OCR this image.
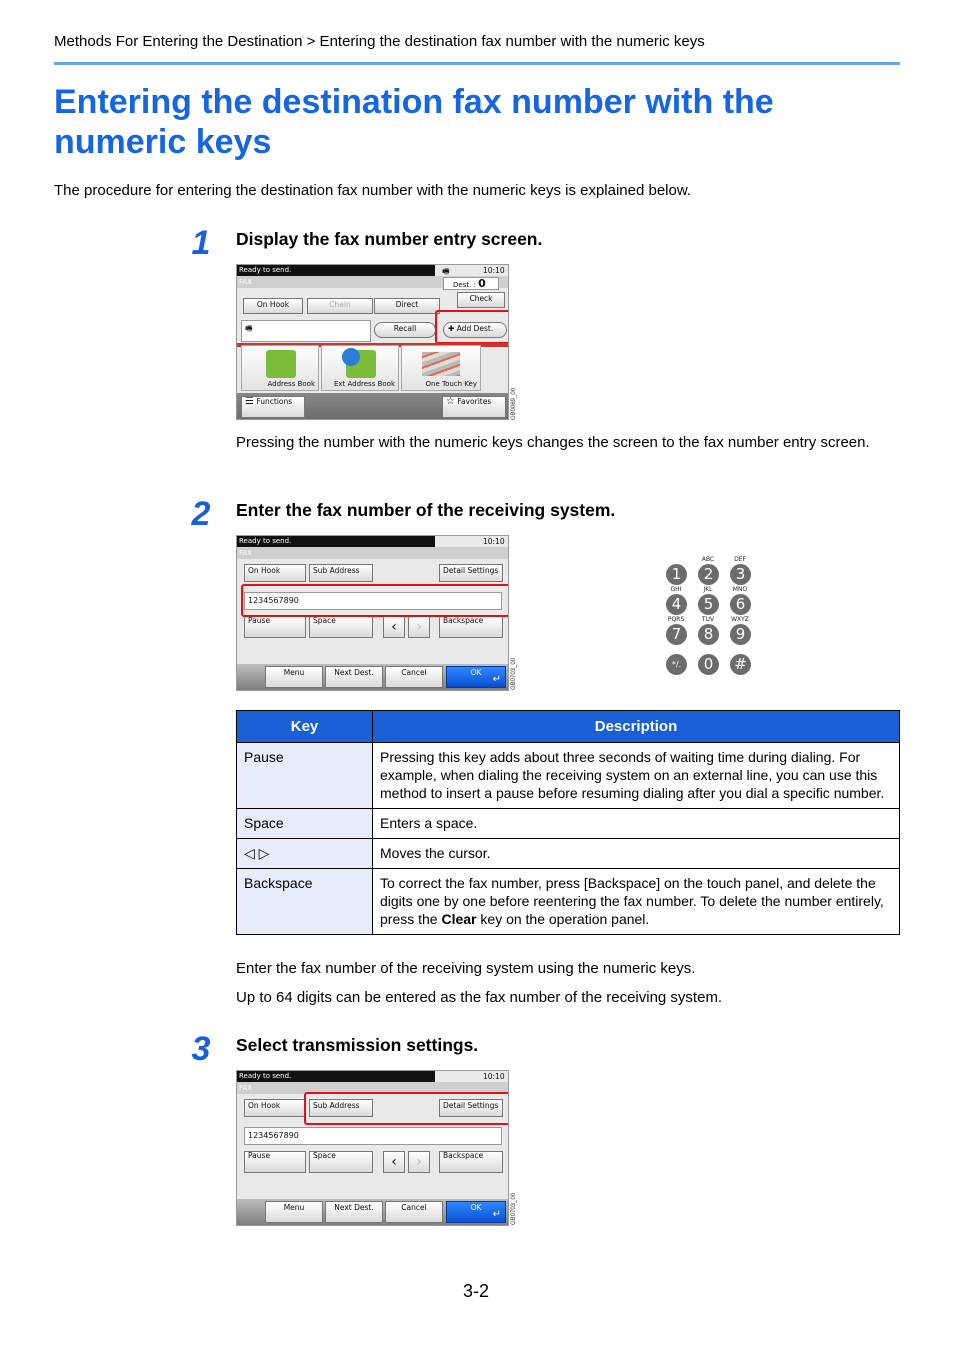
Methods For Entering the Destination > Entering the destination fax number with the numeric keys
Entering the destination fax number with the numeric keys
The procedure for entering the destination fax number with the numeric keys is explained below.
1	Display the fax number entry screen.
Ready to send.	10:10
🖷
FAX	Dest. : 0
Check
On Hook	Chain	Direct
🖷	Recall	✚ Add Dest.
Address Book	Ext Address Book	One Touch Key
☰ Functions	☆ Favorites	GB0069_00
Pressing the number with the numeric keys changes the screen to the fax number entry screen.
2	Enter the fax number of the receiving system.
Ready to send.	10:10
FAX
On Hook	Sub Address	Detail Settings
1234567890
Pause	Space	‹	›	Backspace
Menu	Next Dest.	Cancel	OK
↵ GB0703_00
ABC	DEF
1	2	3
GHI	JKL	MNO
4	5	6
PQRS	TUV	WXYZ
7	8	9
*/.	0	#
Key	Description
Pause	Pressing this key adds about three seconds of waiting time during dialing. For example, when dialing the receiving system on an external line, you can use this method to insert a pause before resuming dialing after you dial a specific number.
Space	Enters a space.
◁ ▷	Moves the cursor.
Backspace	To correct the fax number, press [Backspace] on the touch panel, and delete the digits one by one before reentering the fax number. To delete the number entirely, press the Clear key on the operation panel.
Enter the fax number of the receiving system using the numeric keys.
Up to 64 digits can be entered as the fax number of the receiving system.
3	Select transmission settings.
Ready to send.	10:10
FAX
On Hook	Sub Address	Detail Settings
1234567890
Pause	Space	‹	›	Backspace
Menu	Next Dest.	Cancel	OK
↵ GB0703_00
3-2
